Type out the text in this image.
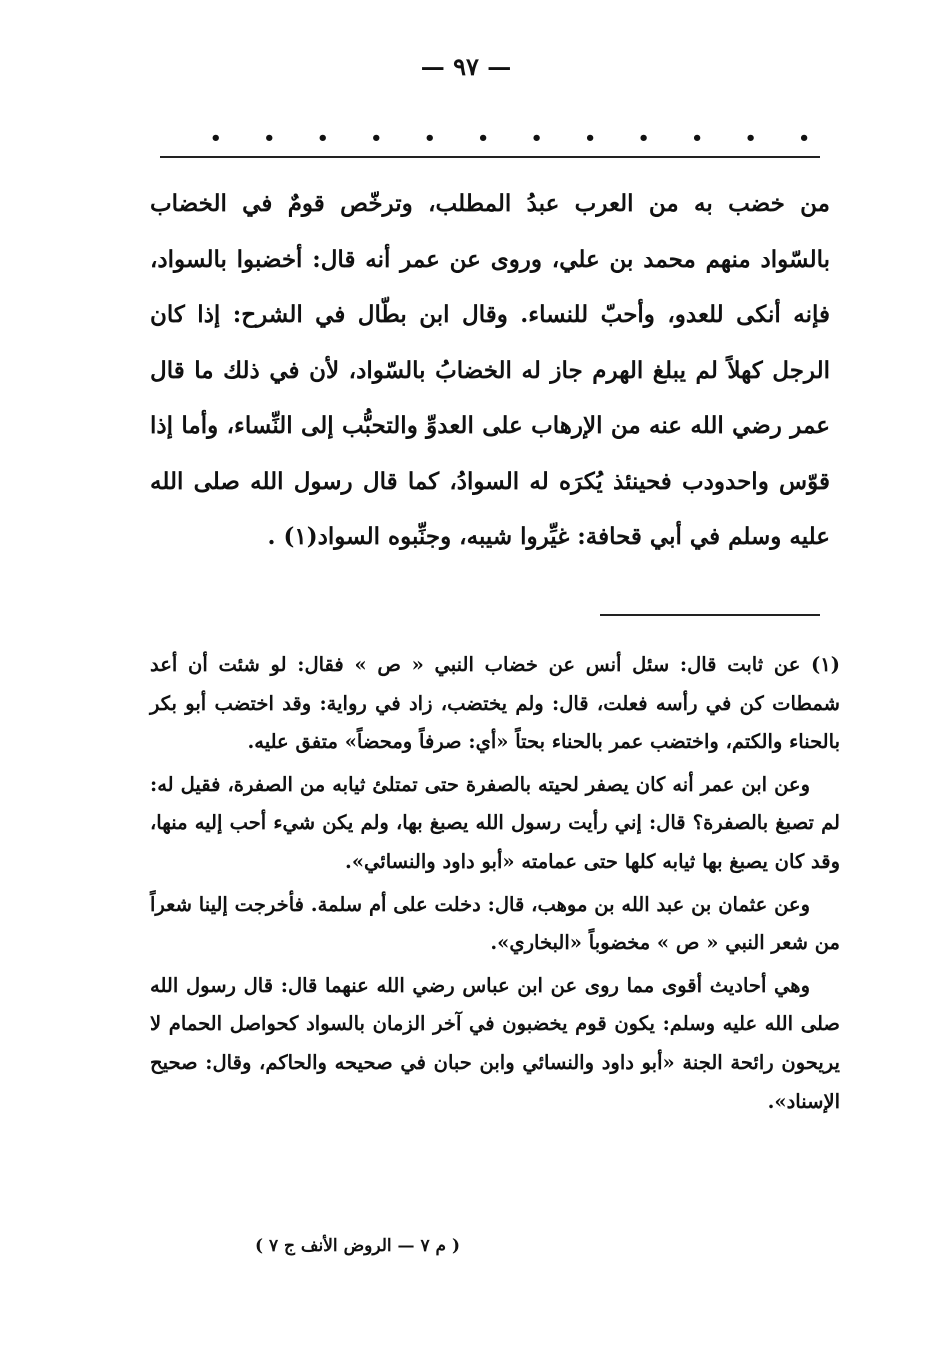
— ٩٧ —
• • • • • • • • • • • •

من خضب به من العرب عبدُ المطلب، وترخّص قومٌ في الخضاب بالسّواد منهم محمد بن علي، وروى عن عمر أنه قال: أخضبوا بالسواد، فإنه أنكى للعدو، وأحبّ للنساء. وقال ابن بطّال في الشرح: إذا كان الرجل كهلاً لم يبلغ الهرم جاز له الخضابُ بالسّواد، لأن في ذلك ما قال عمر رضي الله عنه من الإرهاب على العدوِّ والتحبُّب إلى النِّساء، وأما إذا قوّس واحدودب فحينئذ يُكرَه له السوادُ، كما قال رسول الله صلى الله عليه وسلم في أبي قحافة: غيِّروا شيبه، وجنِّبوه السواد(١) .

(١) عن ثابت قال: سئل أنس عن خضاب النبي « ص » فقال: لو شئت أن أعد شمطات كن في رأسه فعلت، قال: ولم يختضب، زاد في رواية: وقد اختضب أبو بكر بالحناء والكتم، واختضب عمر بالحناء بحتاً «أي: صرفاً ومحضاً» متفق عليه.

وعن ابن عمر أنه كان يصفر لحيته بالصفرة حتى تمتلئ ثيابه من الصفرة، فقيل له: لم تصبغ بالصفرة؟ قال: إني رأيت رسول الله يصبغ بها، ولم يكن شيء أحب إليه منها، وقد كان يصبغ بها ثيابه كلها حتى عمامته «أبو داود والنسائي».

وعن عثمان بن عبد الله بن موهب، قال: دخلت على أم سلمة. فأخرجت إلينا شعراً من شعر النبي « ص » مخضوباً «البخاري».

وهي أحاديث أقوى مما روى عن ابن عباس رضي الله عنهما قال: قال رسول الله صلى الله عليه وسلم: يكون قوم يخضبون في آخر الزمان بالسواد كحواصل الحمام لا يريحون رائحة الجنة «أبو داود والنسائي وابن حبان في صحيحه والحاكم، وقال: صحيح الإسناد».

( م ٧ — الروض الأنف ج ٧ )
